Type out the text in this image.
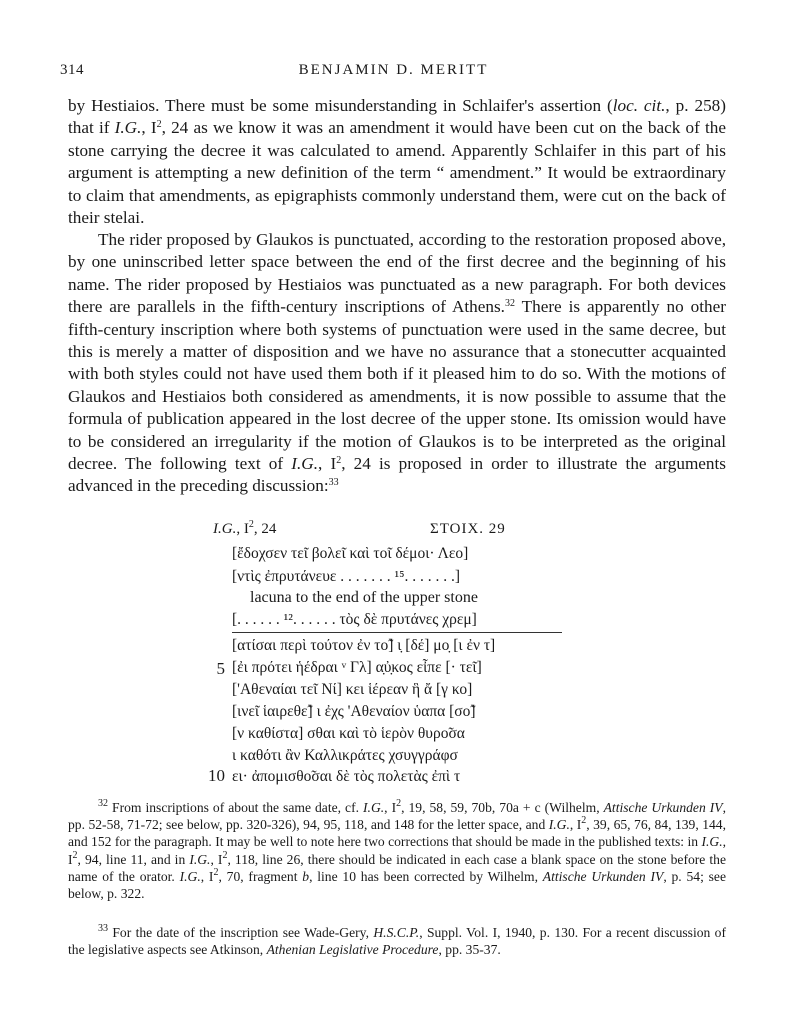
314	BENJAMIN D. MERITT

by Hestiaios. There must be some misunderstanding in Schlaifer's assertion (loc. cit., p. 258) that if I.G., $I^2$, 24 as we know it was an amendment it would have been cut on the back of the stone carrying the decree it was calculated to amend. Apparently Schlaifer in this part of his argument is attempting a new definition of the term “ amendment.” It would be extraordinary to claim that amendments, as epigraphists commonly understand them, were cut on the back of their stelai.

The rider proposed by Glaukos is punctuated, according to the restoration proposed above, by one uninscribed letter space between the end of the first decree and the beginning of his name. The rider proposed by Hestiaios was punctuated as a new paragraph. For both devices there are parallels in the fifth-century inscriptions of Athens.$^{32}$ There is apparently no other fifth-century inscription where both systems of punctuation were used in the same decree, but this is merely a matter of disposition and we have no assurance that a stonecutter acquainted with both styles could not have used them both if it pleased him to do so. With the motions of Glaukos and Hestiaios both considered as amendments, it is now possible to assume that the formula of publication appeared in the lost decree of the upper stone. Its omission would have to be considered an irregularity if the motion of Glaukos is to be interpreted as the original decree. The following text of I.G., $I^2$, 24 is proposed in order to illustrate the arguments advanced in the preceding discussion:$^{33}$

I.G., $I^2$, 24	ΣΤΟΙΧ. 29
[ἔδοχσεν τε̃ι βολε̃ι καὶ το̃ι δέμοι· Λεο]
[ντὶς ἐπρυτάνευε . . . . . . . ¹⁵. . . . . . .]
lacuna to the end of the upper stone
[. . . . . . ¹². . . . . . τὸς δὲ πρυτάνες χρεμ]
[ατίσαι περὶ τούτον ἐν το̃] ι̣ [δέ] μο̣ [ι ἐν τ]
[ἐι πρότει ἡέδραι ᵛ Γλ] α̣ὐ̣κος εἶπε [· τε̃ι]
['Αθεναίαι τε̃ι Νί] κει ἱέρεαν ἣ ἄ [γ κο]
[ινε̃ι ἱαιρεθε̃] ι ἐχς 'Αθεναίον ὑαπα [σο̃]
[ν καθίστα] σθαι καὶ τὸ ἱερὸν θυρο̃σα
ι καθότι ἂν Καλλικράτες χσυγγράφσ
ει· ἀπομισθο̃σαι δὲ τὸς πολετὰς ἐπὶ τ
5
10

$^{32}$ From inscriptions of about the same date, cf. I.G., $I^2$, 19, 58, 59, 70b, 70a + c (Wilhelm, Attische Urkunden IV, pp. 52-58, 71-72; see below, pp. 320-326), 94, 95, 118, and 148 for the letter space, and I.G., $I^2$, 39, 65, 76, 84, 139, 144, and 152 for the paragraph. It may be well to note here two corrections that should be made in the published texts: in I.G., $I^2$, 94, line 11, and in I.G., $I^2$, 118, line 26, there should be indicated in each case a blank space on the stone before the name of the orator. I.G., $I^2$, 70, fragment b, line 10 has been corrected by Wilhelm, Attische Urkunden IV, p. 54; see below, p. 322.

$^{33}$ For the date of the inscription see Wade-Gery, H.S.C.P., Suppl. Vol. I, 1940, p. 130. For a recent discussion of the legislative aspects see Atkinson, Athenian Legislative Procedure, pp. 35-37.
